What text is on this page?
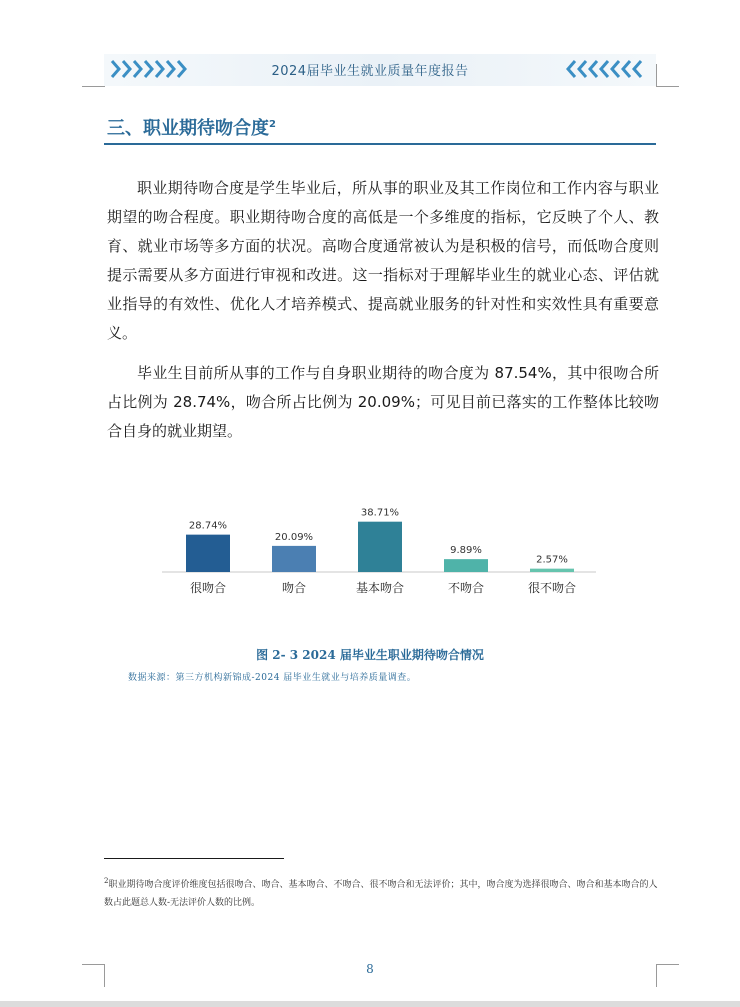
2024届毕业生就业质量年度报告
三、职业期待吻合度$^2$

职业期待吻合度是学生毕业后，所从事的职业及其工作岗位和工作内容与职业期望的吻合程度。职业期待吻合度的高低是一个多维度的指标，它反映了个人、教育、就业市场等多方面的状况。高吻合度通常被认为是积极的信号，而低吻合度则提示需要从多方面进行审视和改进。这一指标对于理解毕业生的就业心态、评估就业指导的有效性、优化人才培养模式、提高就业服务的针对性和实效性具有重要意义。

毕业生目前所从事的工作与自身职业期待的吻合度为 87.54%，其中很吻合所占比例为 28.74%，吻合所占比例为 20.09%；可见目前已落实的工作整体比较吻合自身的就业期望。

28.74%
很吻合
20.09%
吻合
38.71%
基本吻合
9.89%
不吻合
2.57%
很不吻合
图 2- 3 2024 届毕业生职业期待吻合情况
数据来源：第三方机构新锦成-2024 届毕业生就业与培养质量调查。
$^2$职业期待吻合度评价维度包括很吻合、吻合、基本吻合、不吻合、很不吻合和无法评价；其中，吻合度为选择很吻合、吻合和基本吻合的人数占此题总人数-无法评价人数的比例。
8
